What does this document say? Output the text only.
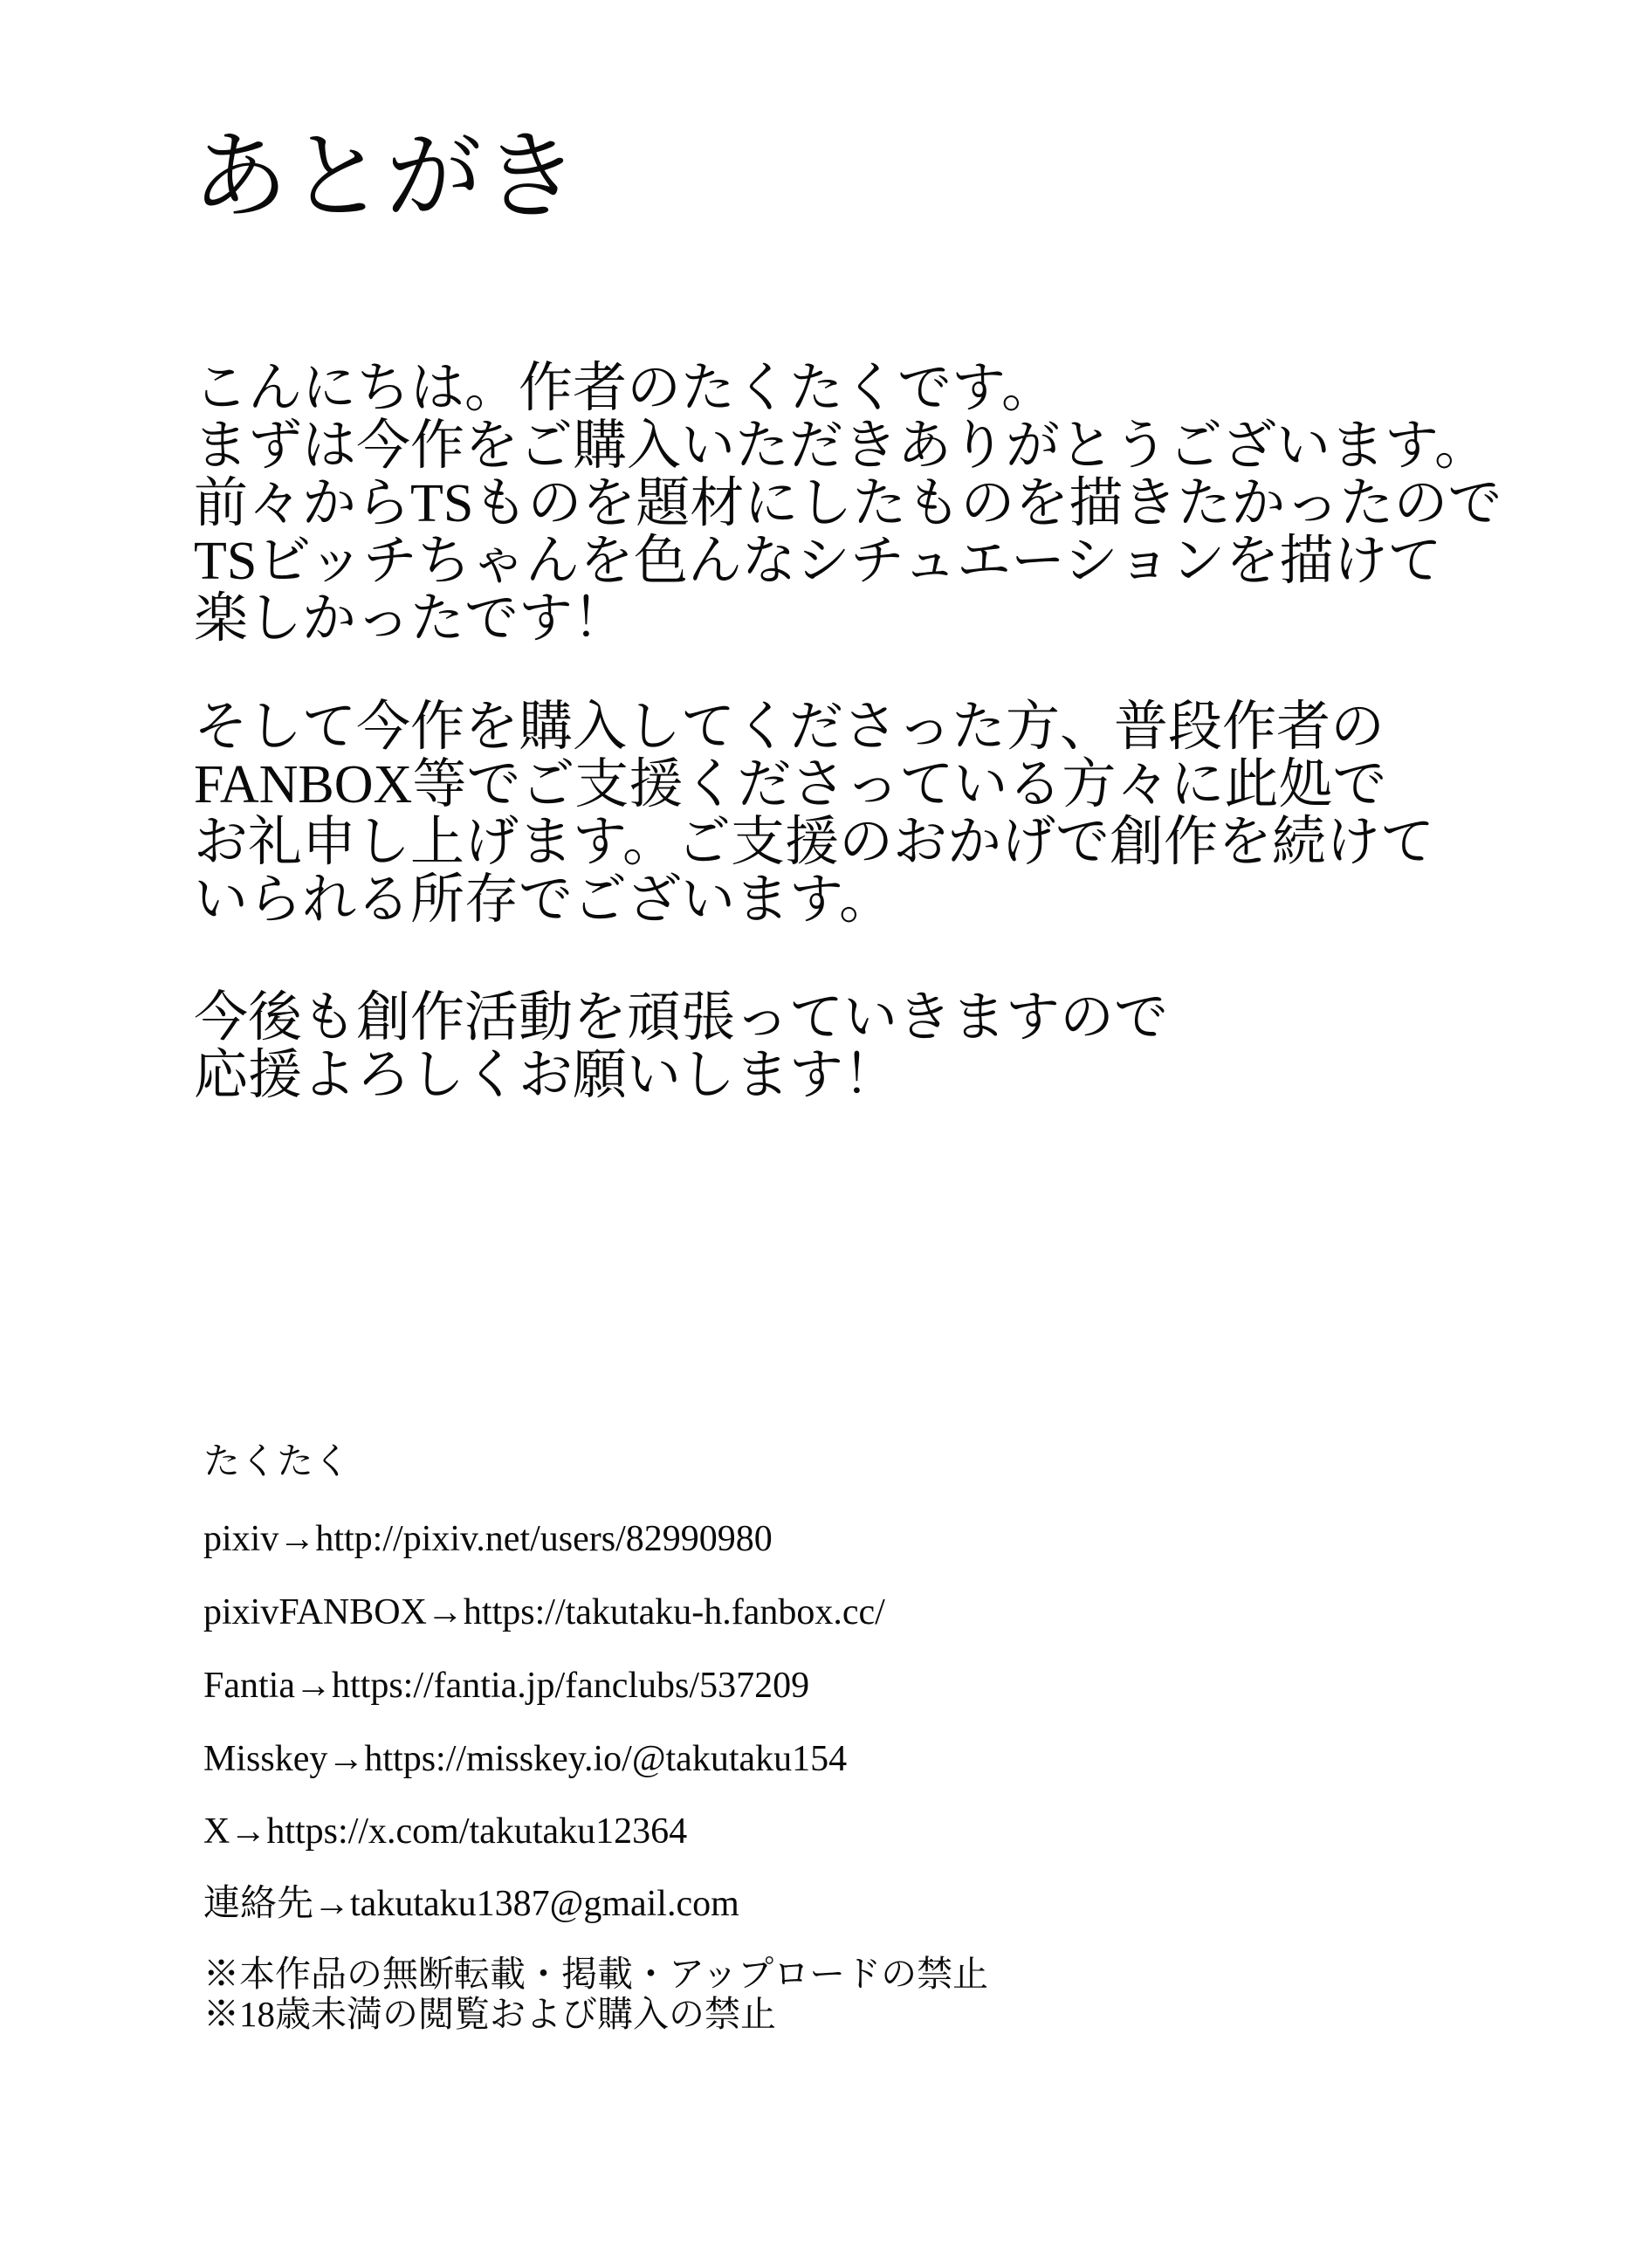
あとがき
こんにちは。作者のたくたくです。
まずは今作をご購入いただきありがとうございます。
前々からTSものを題材にしたものを描きたかったので
TSビッチちゃんを色んなシチュエーションを描けて
楽しかったです！
そして今作を購入してくださった方、普段作者の
FANBOX等でご支援くださっている方々に此処で
お礼申し上げます。ご支援のおかげで創作を続けて
いられる所存でございます。
今後も創作活動を頑張っていきますので
応援よろしくお願いします！
たくたく
pixiv→http://pixiv.net/users/82990980
pixivFANBOX→https://takutaku-h.fanbox.cc/
Fantia→https://fantia.jp/fanclubs/537209
Misskey→https://misskey.io/@takutaku154
X→https://x.com/takutaku12364
連絡先→takutaku1387@gmail.com
※本作品の無断転載・掲載・アップロードの禁止
※18歳未満の閲覧および購入の禁止
